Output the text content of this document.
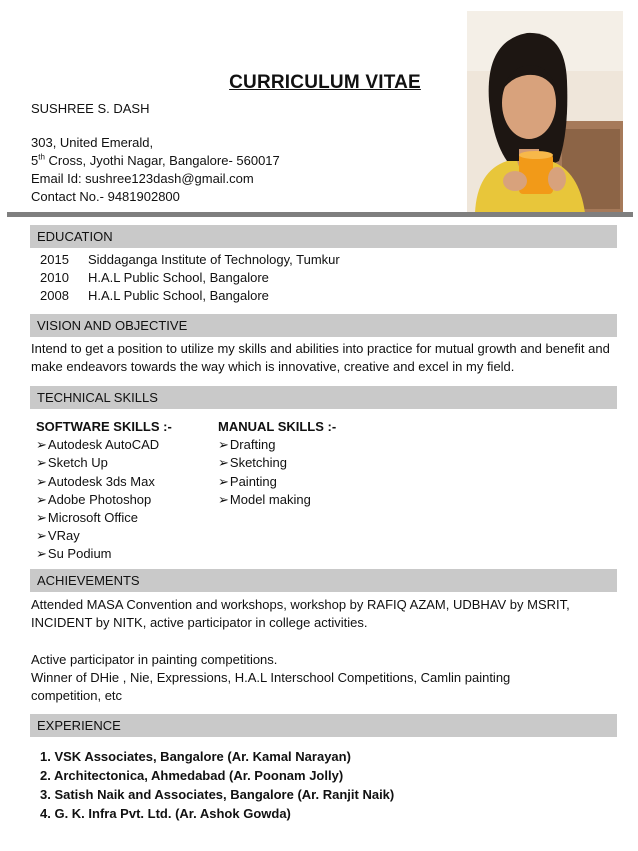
CURRICULUM VITAE
SUSHREE S. DASH
303, United Emerald,
5th Cross, Jyothi Nagar, Bangalore- 560017
Email Id: sushree123dash@gmail.com
Contact No.- 9481902800
EDUCATION
2015 Siddaganga Institute of Technology, Tumkur
2010 H.A.L Public School, Bangalore
2008 H.A.L Public School, Bangalore
VISION AND OBJECTIVE
Intend to get a position to utilize my skills and abilities into practice for mutual growth and benefit and make endeavors towards the way which is innovative, creative and excel in my field.
TECHNICAL SKILLS
SOFTWARE SKILLS :-
➢Autodesk AutoCAD
➢Sketch Up
➢Autodesk 3ds Max
➢Adobe Photoshop
➢Microsoft Office
➢VRay
➢Su Podium
MANUAL SKILLS :-
➢Drafting
➢Sketching
➢Painting
➢Model making
ACHIEVEMENTS
Attended MASA Convention and workshops, workshop by RAFIQ AZAM, UDBHAV by MSRIT,
INCIDENT by NITK, active participator in college activities.
Active participator in painting competitions.
Winner of DHie , Nie, Expressions, H.A.L Interschool Competitions, Camlin painting
competition, etc
EXPERIENCE
1. VSK Associates, Bangalore (Ar. Kamal Narayan)
2. Architectonica, Ahmedabad (Ar. Poonam Jolly)
3. Satish Naik and Associates, Bangalore (Ar. Ranjit Naik)
4. G. K. Infra Pvt. Ltd. (Ar. Ashok Gowda)
